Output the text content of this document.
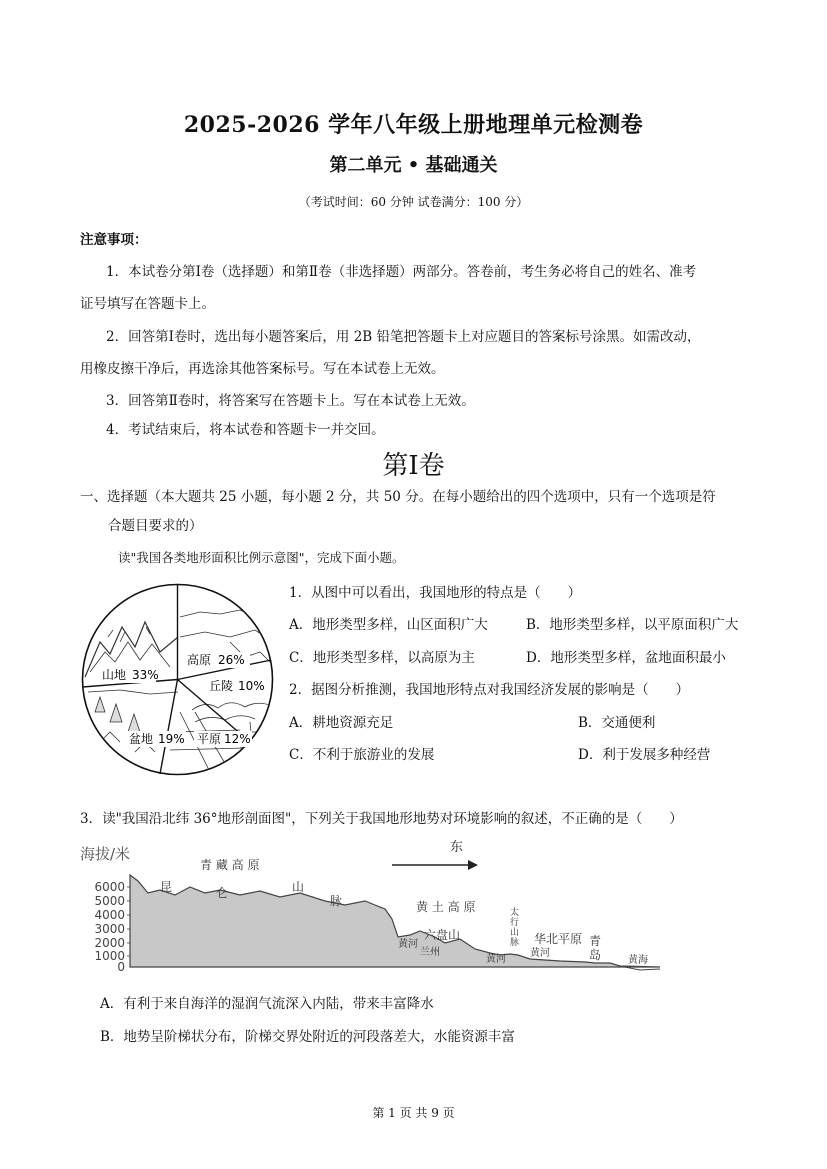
2025-2026 学年八年级上册地理单元检测卷
第二单元 • 基础通关
（考试时间：60 分钟 试卷满分：100 分）
注意事项：
1．本试卷分第Ⅰ卷（选择题）和第Ⅱ卷（非选择题）两部分。答卷前，考生务必将自己的姓名、准考
证号填写在答题卡上。
2．回答第Ⅰ卷时，选出每小题答案后，用 2B 铅笔把答题卡上对应题目的答案标号涂黑。如需改动，
用橡皮擦干净后，再选涂其他答案标号。写在本试卷上无效。
3．回答第Ⅱ卷时，将答案写在答题卡上。写在本试卷上无效。
4．考试结束后，将本试卷和答题卡一并交回。
第Ⅰ卷
一、选择题（本大题共 25 小题，每小题 2 分，共 50 分。在每小题给出的四个选项中，只有一个选项是符
合题目要求的）
读"我国各类地形面积比例示意图"，完成下面小题。
山地 33%
高原 26%
丘陵 10%
平原 12%
盆地 19%
1．从图中可以看出，我国地形的特点是（　　）
A．地形类型多样，山区面积广大	B．地形类型多样，以平原面积广大
C．地形类型多样，以高原为主	D．地形类型多样，盆地面积最小
2．据图分析推测，我国地形特点对我国经济发展的影响是（　　）
A．耕地资源充足	B．交通便利
C．不利于旅游业的发展	D．利于发展多种经营
3．读"我国沿北纬 36°地形剖面图"，下列关于我国地形地势对环境影响的叙述，不正确的是（　　）
海拔/米
6000
5000
4000
3000
2000
1000
0
东
青 藏 高 原
昆	仑	山
脉	黄 土 高 原
六盘山	华北平原 青
岛
太
行
山
脉
黄河
兰州
黄河
黄河
黄海
A．有利于来自海洋的湿润气流深入内陆，带来丰富降水
B．地势呈阶梯状分布，阶梯交界处附近的河段落差大，水能资源丰富
第 1 页 共 9 页
